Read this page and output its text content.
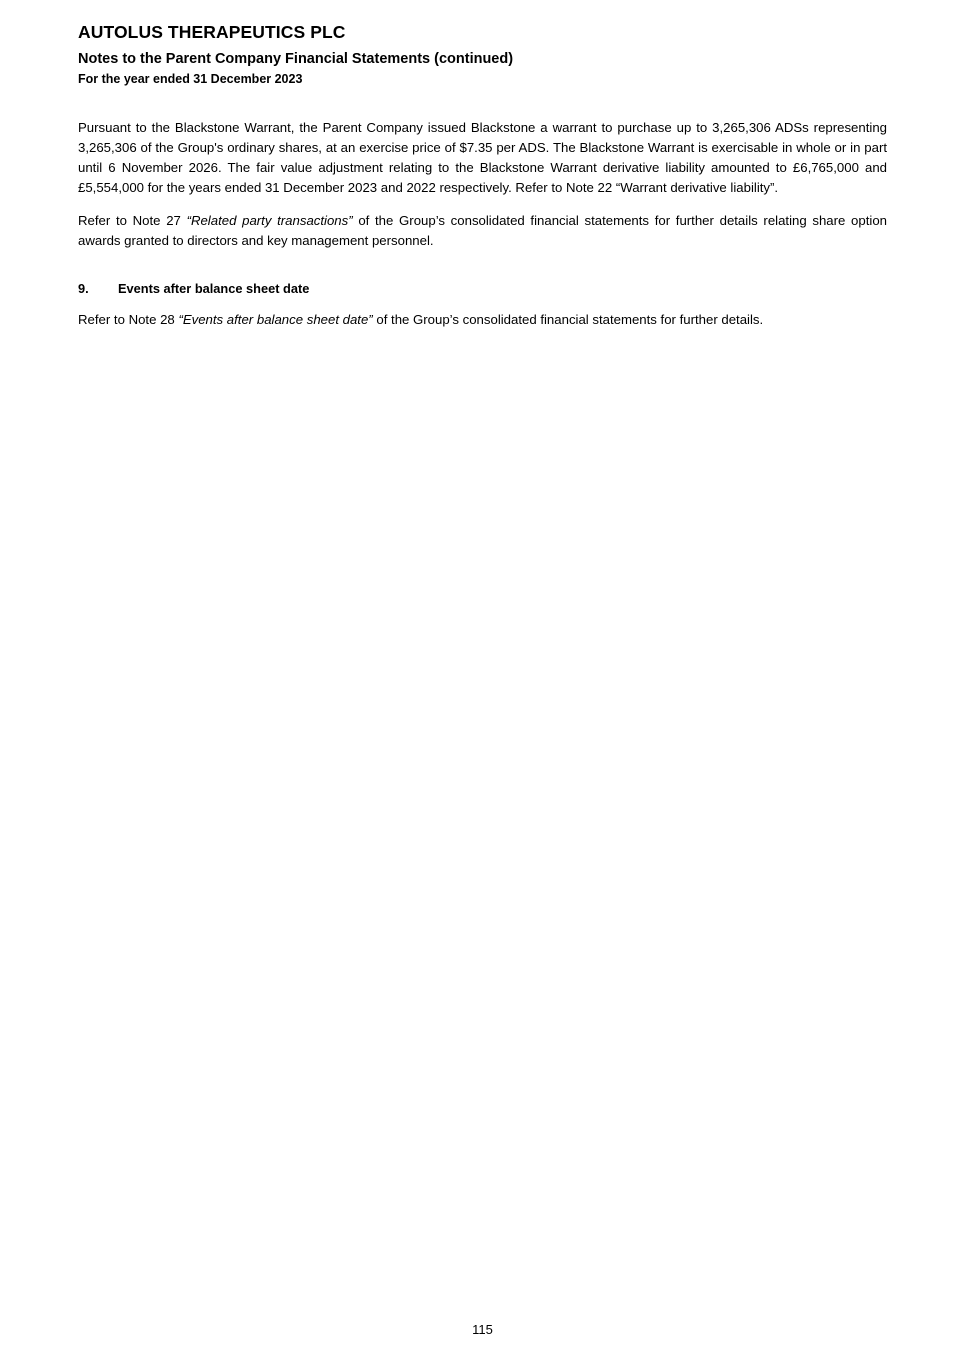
AUTOLUS THERAPEUTICS PLC
Notes to the Parent Company Financial Statements (continued)
For the year ended 31 December 2023

Pursuant to the Blackstone Warrant, the Parent Company issued Blackstone a warrant to purchase up to 3,265,306 ADSs representing 3,265,306 of the Group's ordinary shares, at an exercise price of $7.35 per ADS. The Blackstone Warrant is exercisable in whole or in part until 6 November 2026. The fair value adjustment relating to the Blackstone Warrant derivative liability amounted to £6,765,000 and £5,554,000 for the years ended 31 December 2023 and 2022 respectively. Refer to Note 22 “Warrant derivative liability”.

Refer to Note 27 “Related party transactions” of the Group’s consolidated financial statements for further details relating share option awards granted to directors and key management personnel.

9.	Events after balance sheet date

Refer to Note 28 “Events after balance sheet date” of the Group’s consolidated financial statements for further details.

115
